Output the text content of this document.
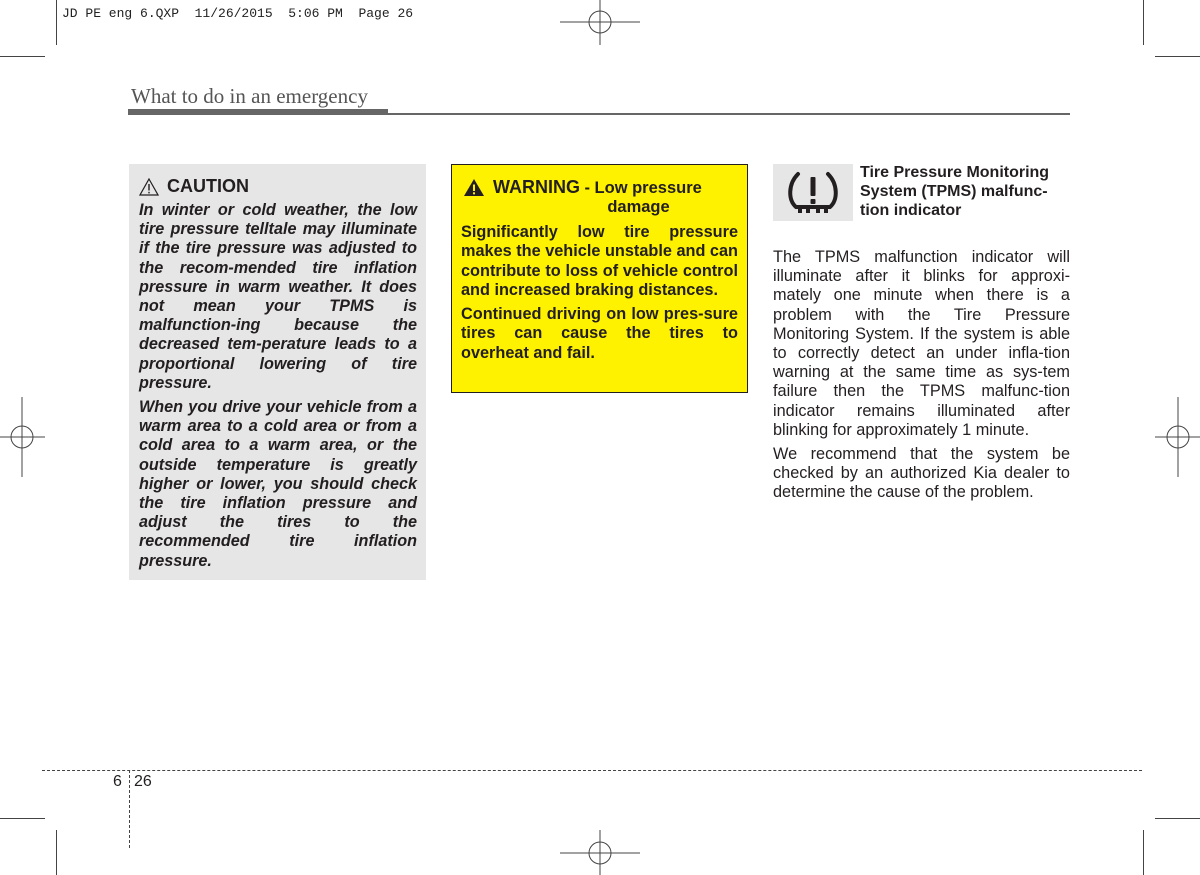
JD PE eng 6.QXP  11/26/2015  5:06 PM  Page 26
What to do in an emergency
CAUTION

In winter or cold weather, the low tire pressure telltale may illuminate if the tire pressure was adjusted to the recom-mended tire inflation pressure in warm weather. It does not mean your TPMS is malfunction-ing because the decreased tem-perature leads to a proportional lowering of tire pressure.

When you drive your vehicle from a warm area to a cold area or from a cold area to a warm area, or the outside temperature is greatly higher or lower, you should check the tire inflation pressure and adjust the tires to the recommended tire inflation pressure.

WARNING - Low pressure
damage

Significantly low tire pressure makes the vehicle unstable and can contribute to loss of vehicle control and increased braking distances.

Continued driving on low pres-sure tires can cause the tires to overheat and fail.

Tire Pressure Monitoring System (TPMS) malfunc-tion indicator

The TPMS malfunction indicator will illuminate after it blinks for approxi-mately one minute when there is a problem with the Tire Pressure Monitoring System. If the system is able to correctly detect an under infla-tion warning at the same time as sys-tem failure then the TPMS malfunc-tion indicator remains illuminated after blinking for approximately 1 minute.

We recommend that the system be checked by an authorized Kia dealer to determine the cause of the problem.

6 26
